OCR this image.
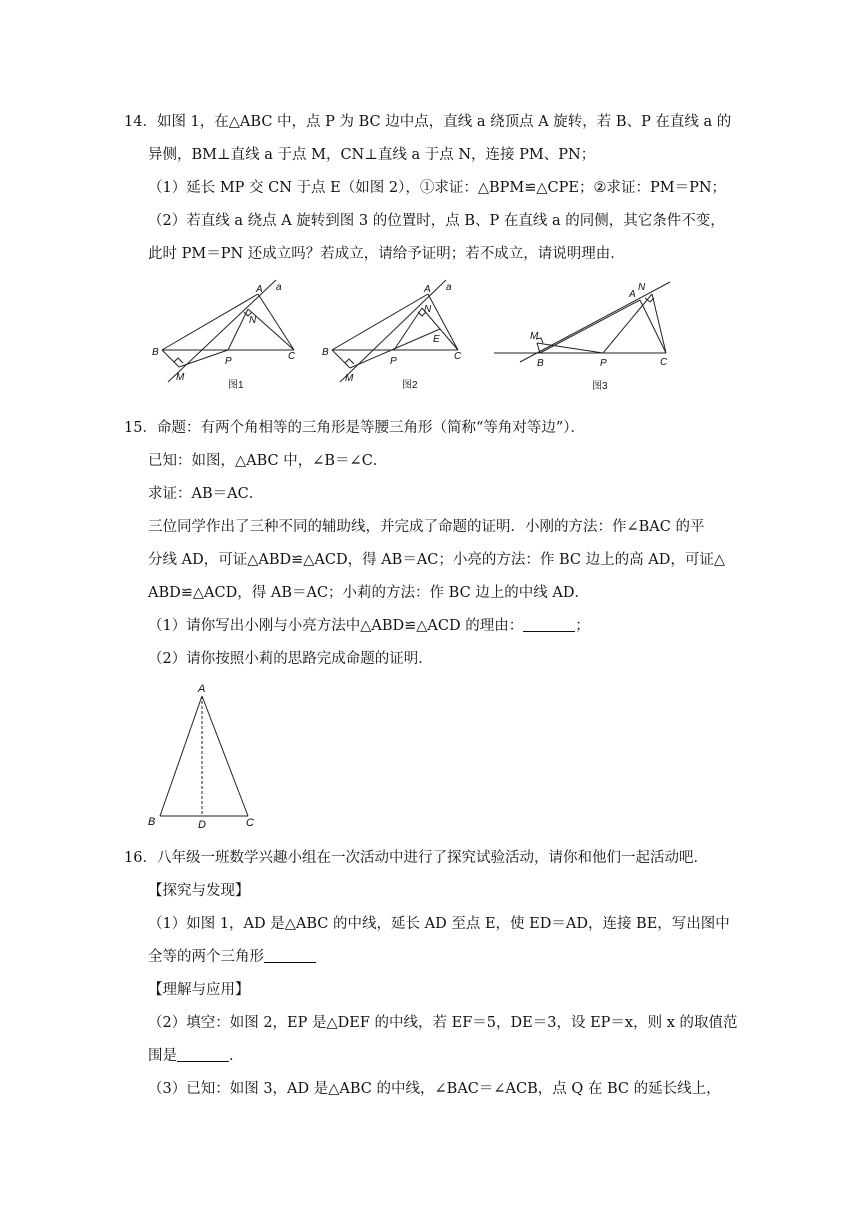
14．如图 1，在△ABC 中，点 P 为 BC 边中点，直线 a 绕顶点 A 旋转，若 B、P 在直线 a 的
异侧，BM⊥直线 a 于点 M，CN⊥直线 a 于点 N，连接 PM、PN；
（1）延长 MP 交 CN 于点 E（如图 2），①求证：△BPM≌△CPE；②求证：PM＝PN；
（2）若直线 a 绕点 A 旋转到图 3 的位置时，点 B、P 在直线 a 的同侧，其它条件不变，
此时 PM＝PN 还成立吗？若成立，请给予证明；若不成立，请说明理由．
A a
N
B
P	C
M
图1
A a
N
E
B
P	C
M
图2
N
A
M
B	P	C
图3
15．命题：有两个角相等的三角形是等腰三角形（简称“等角对等边”）．
已知：如图，△ABC 中，∠B＝∠C．
求证：AB＝AC．
三位同学作出了三种不同的辅助线，并完成了命题的证明．小刚的方法：作∠BAC 的平
分线 AD，可证△ABD≌△ACD，得 AB＝AC；小亮的方法：作 BC 边上的高 AD，可证△
ABD≌△ACD，得 AB＝AC；小莉的方法：作 BC 边上的中线 AD．
（1）请你写出小刚与小亮方法中△ABD≌△ACD 的理由：	；
（2）请你按照小莉的思路完成命题的证明．
A
B	D	C
16．八年级一班数学兴趣小组在一次活动中进行了探究试验活动，请你和他们一起活动吧．
【探究与发现】
（1）如图 1，AD 是△ABC 的中线，延长 AD 至点 E，使 ED＝AD，连接 BE，写出图中
全等的两个三角形
【理解与应用】
（2）填空：如图 2，EP 是△DEF 的中线，若 EF＝5，DE＝3，设 EP＝x，则 x 的取值范
围是	．
（3）已知：如图 3，AD 是△ABC 的中线，∠BAC＝∠ACB，点 Q 在 BC 的延长线上，
